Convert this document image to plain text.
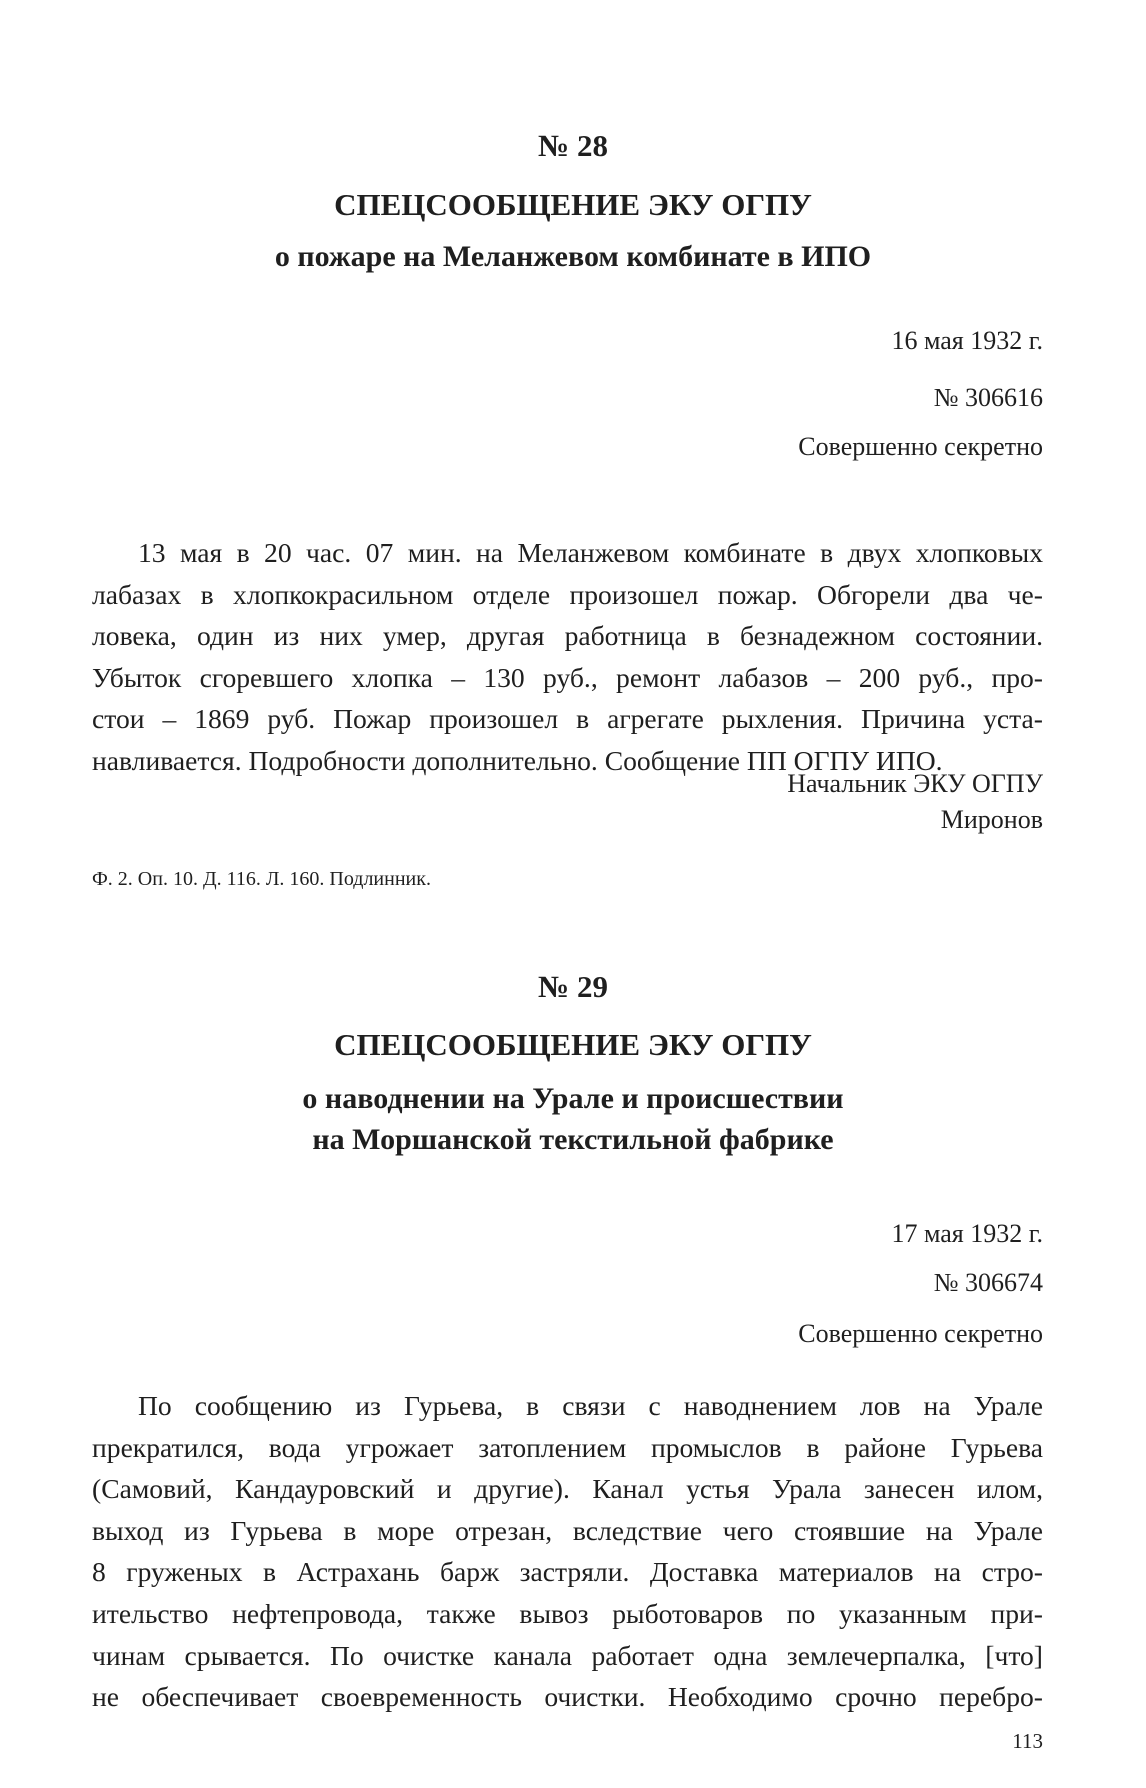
№ 28
СПЕЦСООБЩЕНИЕ ЭКУ ОГПУ
о пожаре на Меланжевом комбинате в ИПО
16 мая 1932 г.
№ 306616
Совершенно секретно
13 мая в 20 час. 07 мин. на Меланжевом комбинате в двух хлопковых
лабазах в хлопкокрасильном отделе произошел пожар. Обгорели два че-
ловека, один из них умер, другая работница в безнадежном состоянии.
Убыток сгоревшего хлопка – 130 руб., ремонт лабазов – 200 руб., про-
стои – 1869 руб. Пожар произошел в агрегате рыхления. Причина уста-
навливается. Подробности дополнительно. Сообщение ПП ОГПУ ИПО.
Начальник ЭКУ ОГПУ
Миронов
Ф. 2. Оп. 10. Д. 116. Л. 160. Подлинник.
№ 29
СПЕЦСООБЩЕНИЕ ЭКУ ОГПУ
о наводнении на Урале и происшествии
на Моршанской текстильной фабрике
17 мая 1932 г.
№ 306674
Совершенно секретно
По сообщению из Гурьева, в связи с наводнением лов на Урале
прекратился, вода угрожает затоплением промыслов в районе Гурьева
(Самовий, Кандауровский и другие). Канал устья Урала занесен илом,
выход из Гурьева в море отрезан, вследствие чего стоявшие на Урале
8 груженых в Астрахань барж застряли. Доставка материалов на стро-
ительство нефтепровода, также вывоз рыботоваров по указанным при-
чинам срывается. По очистке канала работает одна землечерпалка, [что]
не обеспечивает своевременность очистки. Необходимо срочно перебро-
113
